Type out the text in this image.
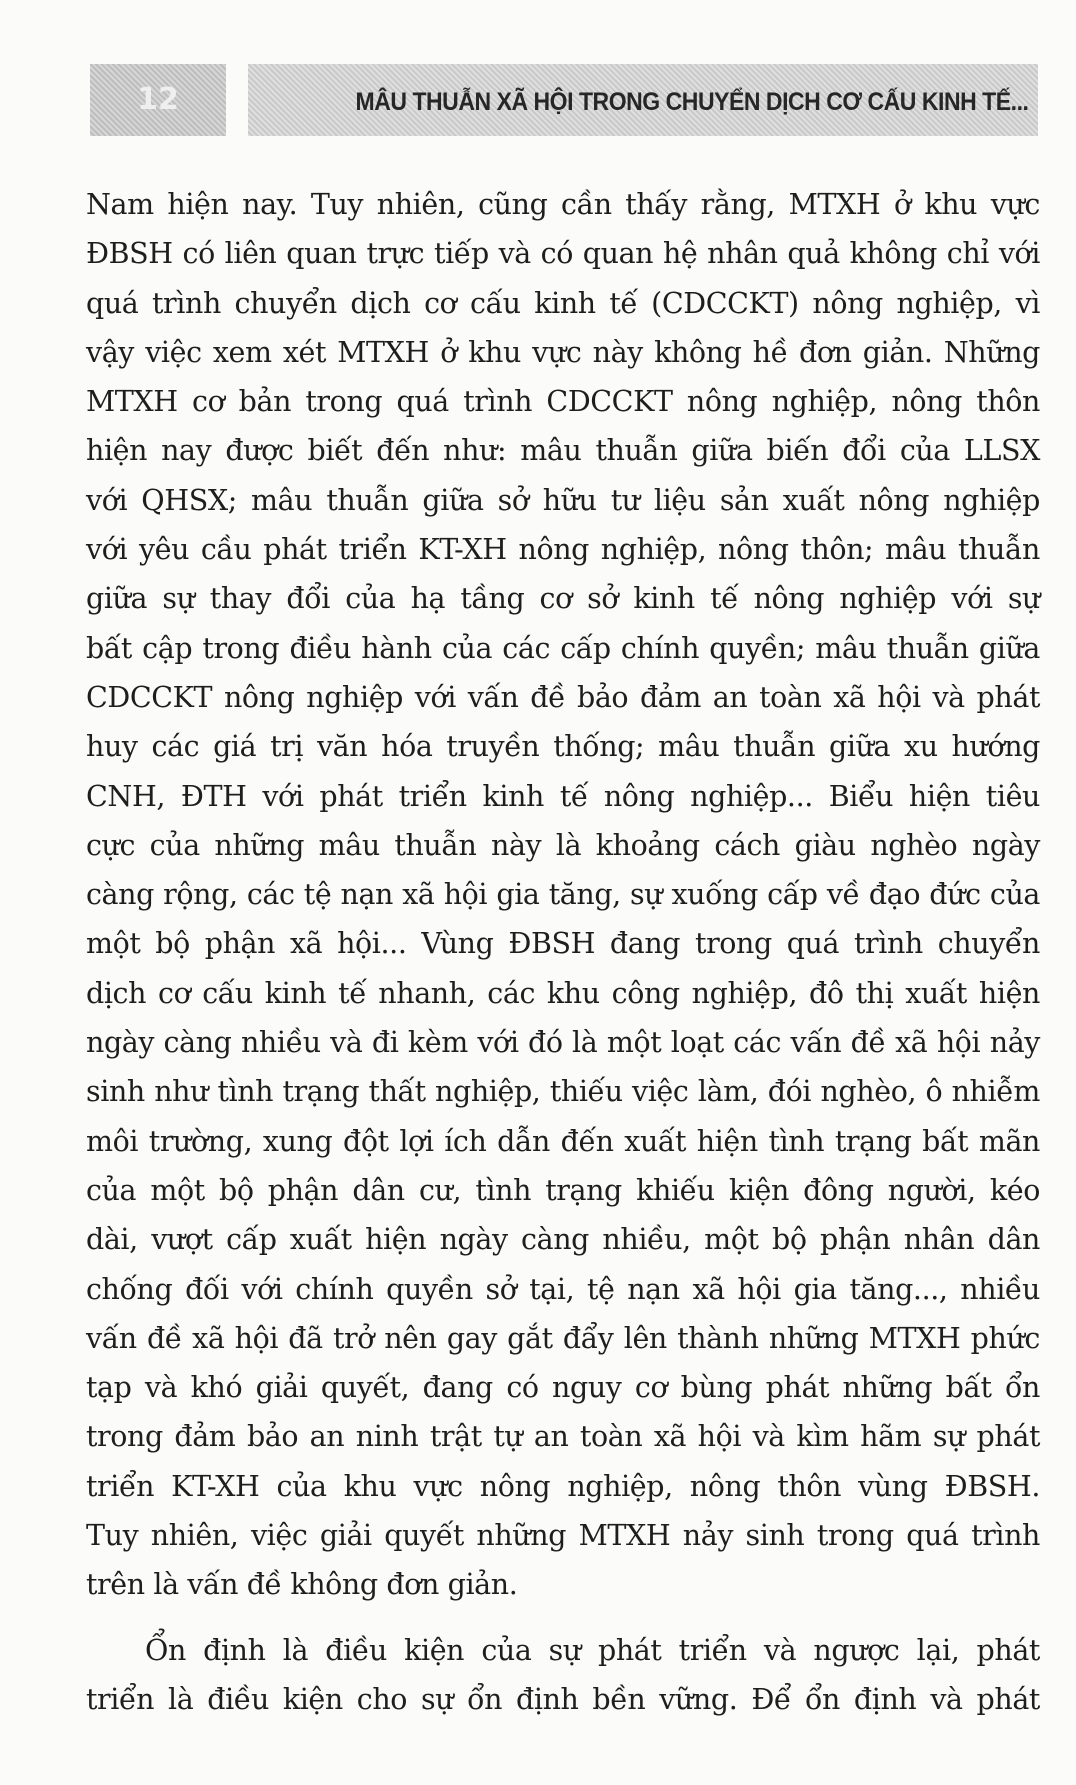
12	MÂU THUẪN XÃ HỘI TRONG CHUYỂN DỊCH CƠ CẤU KINH TẾ...
Nam hiện nay. Tuy nhiên, cũng cần thấy rằng, MTXH ở khu vực
ĐBSH có liên quan trực tiếp và có quan hệ nhân quả không chỉ với
quá trình chuyển dịch cơ cấu kinh tế (CDCCKT) nông nghiệp, vì
vậy việc xem xét MTXH ở khu vực này không hề đơn giản. Những
MTXH cơ bản trong quá trình CDCCKT nông nghiệp, nông thôn
hiện nay được biết đến như: mâu thuẫn giữa biến đổi của LLSX
với QHSX; mâu thuẫn giữa sở hữu tư liệu sản xuất nông nghiệp
với yêu cầu phát triển KT-XH nông nghiệp, nông thôn; mâu thuẫn
giữa sự thay đổi của hạ tầng cơ sở kinh tế nông nghiệp với sự
bất cập trong điều hành của các cấp chính quyền; mâu thuẫn giữa
CDCCKT nông nghiệp với vấn đề bảo đảm an toàn xã hội và phát
huy các giá trị văn hóa truyền thống; mâu thuẫn giữa xu hướng
CNH, ĐTH với phát triển kinh tế nông nghiệp... Biểu hiện tiêu
cực của những mâu thuẫn này là khoảng cách giàu nghèo ngày
càng rộng, các tệ nạn xã hội gia tăng, sự xuống cấp về đạo đức của
một bộ phận xã hội... Vùng ĐBSH đang trong quá trình chuyển
dịch cơ cấu kinh tế nhanh, các khu công nghiệp, đô thị xuất hiện
ngày càng nhiều và đi kèm với đó là một loạt các vấn đề xã hội nảy
sinh như tình trạng thất nghiệp, thiếu việc làm, đói nghèo, ô nhiễm
môi trường, xung đột lợi ích dẫn đến xuất hiện tình trạng bất mãn
của một bộ phận dân cư, tình trạng khiếu kiện đông người, kéo
dài, vượt cấp xuất hiện ngày càng nhiều, một bộ phận nhân dân
chống đối với chính quyền sở tại, tệ nạn xã hội gia tăng..., nhiều
vấn đề xã hội đã trở nên gay gắt đẩy lên thành những MTXH phức
tạp và khó giải quyết, đang có nguy cơ bùng phát những bất ổn
trong đảm bảo an ninh trật tự an toàn xã hội và kìm hãm sự phát
triển KT-XH của khu vực nông nghiệp, nông thôn vùng ĐBSH.
Tuy nhiên, việc giải quyết những MTXH nảy sinh trong quá trình
trên là vấn đề không đơn giản.
Ổn định là điều kiện của sự phát triển và ngược lại, phát
triển là điều kiện cho sự ổn định bền vững. Để ổn định và phát
